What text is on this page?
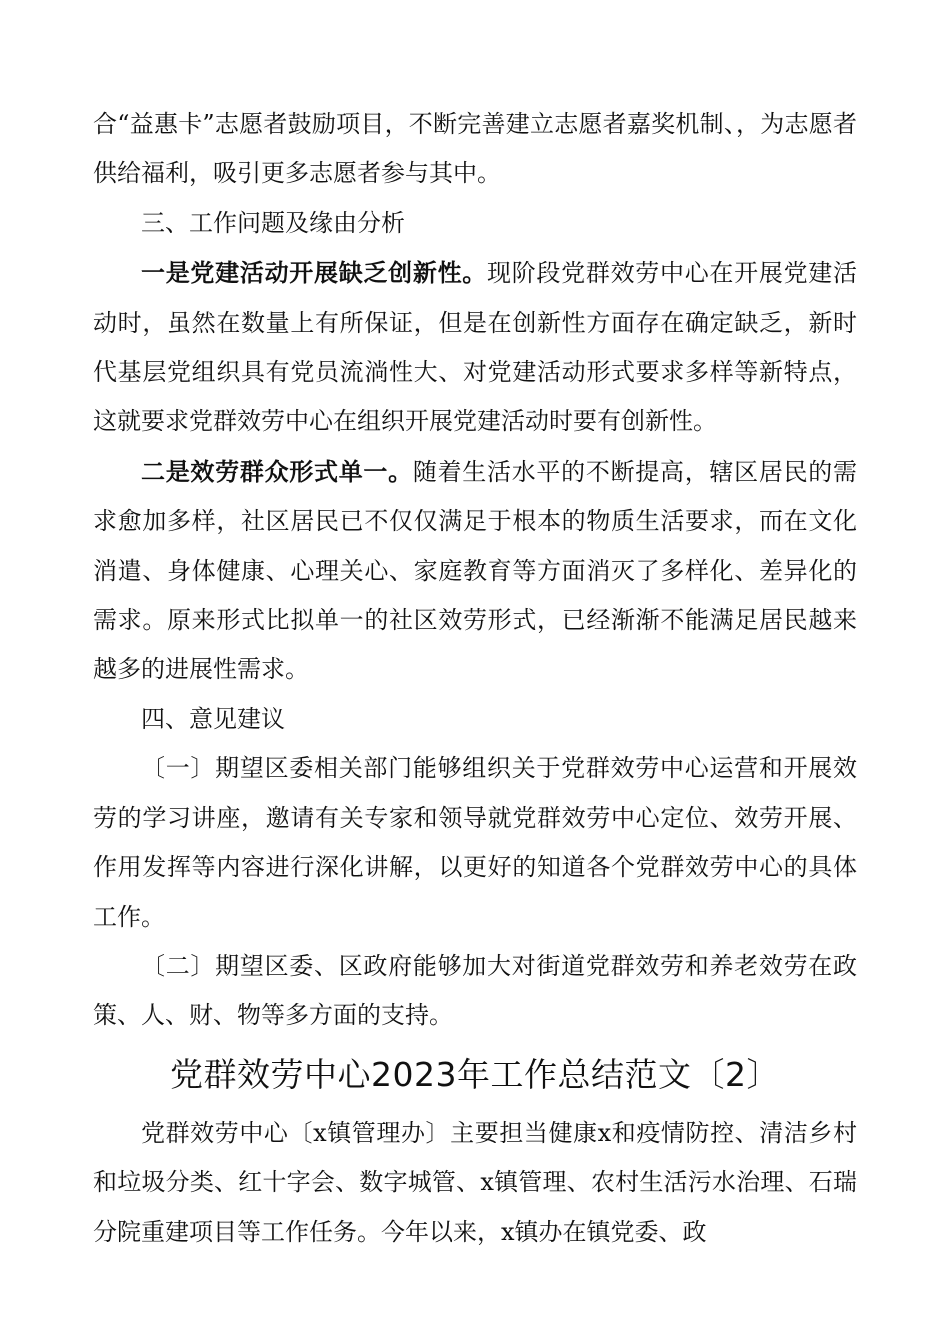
合“益惠卡”志愿者鼓励项目，不断完善建立志愿者嘉奖机制、，为志愿者供给福利，吸引更多志愿者参与其中。

三、工作问题及缘由分析

一是党建活动开展缺乏创新性。现阶段党群效劳中心在开展党建活动时，虽然在数量上有所保证，但是在创新性方面存在确定缺乏，新时代基层党组织具有党员流淌性大、对党建活动形式要求多样等新特点，这就要求党群效劳中心在组织开展党建活动时要有创新性。

二是效劳群众形式单一。随着生活水平的不断提高，辖区居民的需求愈加多样，社区居民已不仅仅满足于根本的物质生活要求，而在文化消遣、身体健康、心理关心、家庭教育等方面消灭了多样化、差异化的需求。原来形式比拟单一的社区效劳形式，已经渐渐不能满足居民越来越多的进展性需求。

四、意见建议

〔一〕期望区委相关部门能够组织关于党群效劳中心运营和开展效劳的学习讲座，邀请有关专家和领导就党群效劳中心定位、效劳开展、作用发挥等内容进行深化讲解，以更好的知道各个党群效劳中心的具体工作。

〔二〕期望区委、区政府能够加大对街道党群效劳和养老效劳在政策、人、财、物等多方面的支持。

党群效劳中心2023年工作总结范文〔2〕

党群效劳中心〔x镇管理办〕主要担当健康x和疫情防控、清洁乡村和垃圾分类、红十字会、数字城管、x镇管理、农村生活污水治理、石瑞分院重建项目等工作任务。今年以来，x镇办在镇党委、政
